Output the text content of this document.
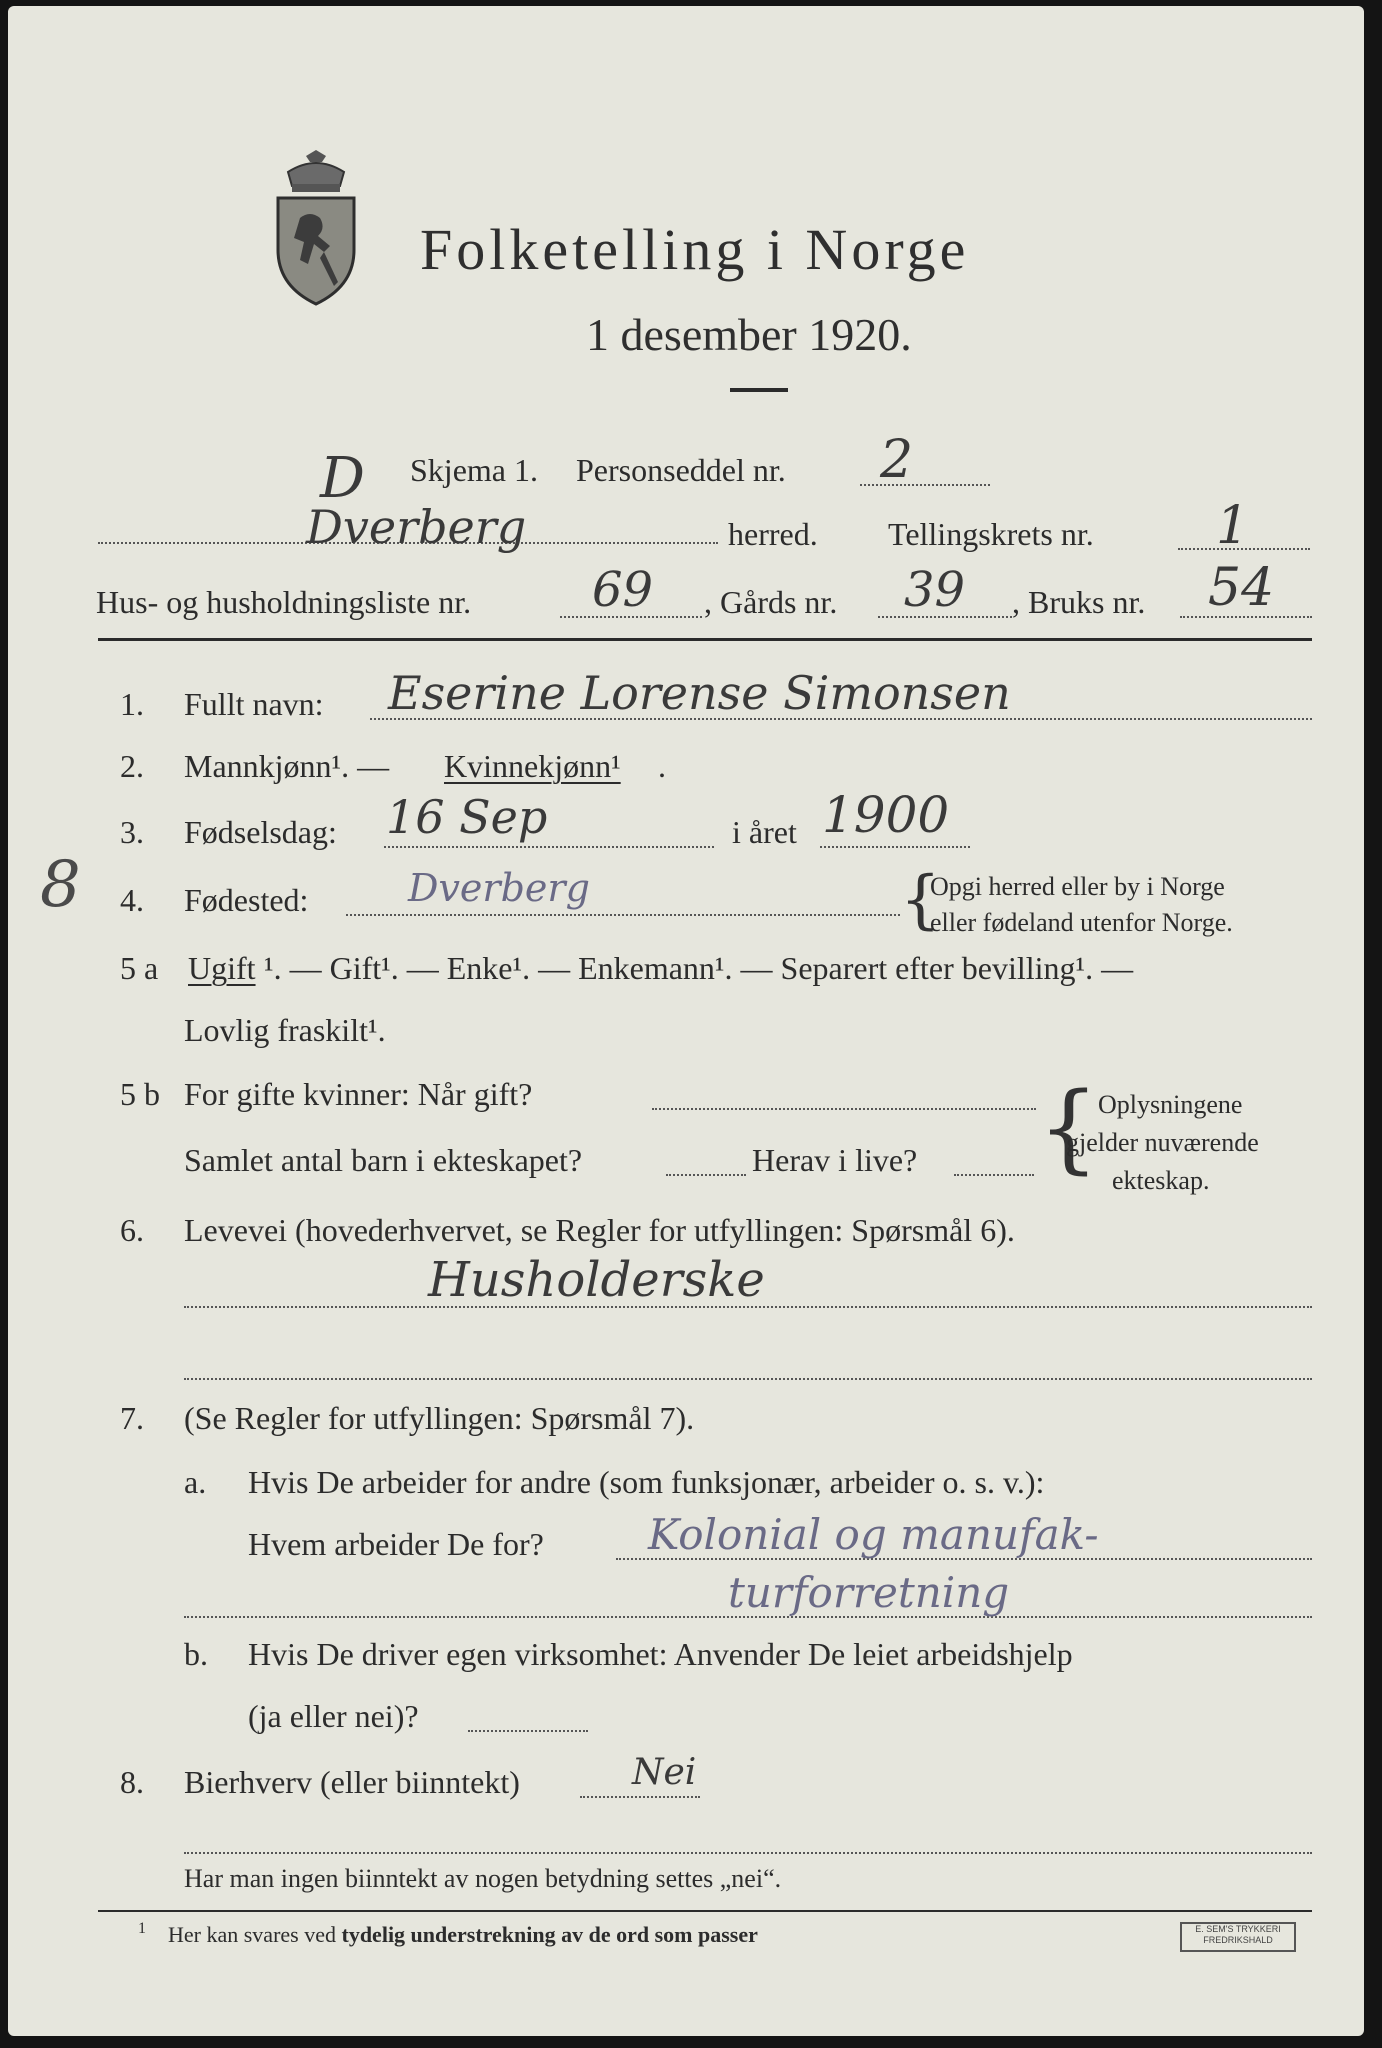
Folketelling i Norge
1 desember 1920.
D Skjema 1. Personseddel nr. 2
Dverberg	herred. Tellingskrets nr. 1
Hus- og husholdningsliste nr.	69 , Gårds nr. 39 , Bruks nr. 54
1. Fullt navn: Eserine Lorense Simonsen
2. Mannkjønn¹. — Kvinnekjønn¹ .
3. Fødselsdag: 16 Sep	i året 1900
8 4. Fødested:	Dverberg	{
Opgi herred eller by i Norge
eller fødeland utenfor Norge.
5 a Ugift ¹. — Gift¹. — Enke¹. — Enkemann¹. — Separert efter bevilling¹. —
Lovlig fraskilt¹.
5 b For gifte kvinner: Når gift?
Samlet antal barn i ekteskapet?	Herav i live? {
Oplysningene
gjelder nuværende
ekteskap.
6. Levevei (hovederhvervet, se Regler for utfyllingen: Spørsmål 6).
Husholderske
7. (Se Regler for utfyllingen: Spørsmål 7).
a. Hvis De arbeider for andre (som funksjonær, arbeider o. s. v.):
Hvem arbeider De for? Kolonial og manufak-
turforretning
b. Hvis De driver egen virksomhet: Anvender De leiet arbeidshjelp
(ja eller nei)?
8. Bierhverv (eller biinntekt)	Nei
Har man ingen biinntekt av nogen betydning settes „nei“.
1 Her kan svares ved tydelig understrekning av de ord som passer	E. SEM'S TRYKKERI
FREDRIKSHALD
